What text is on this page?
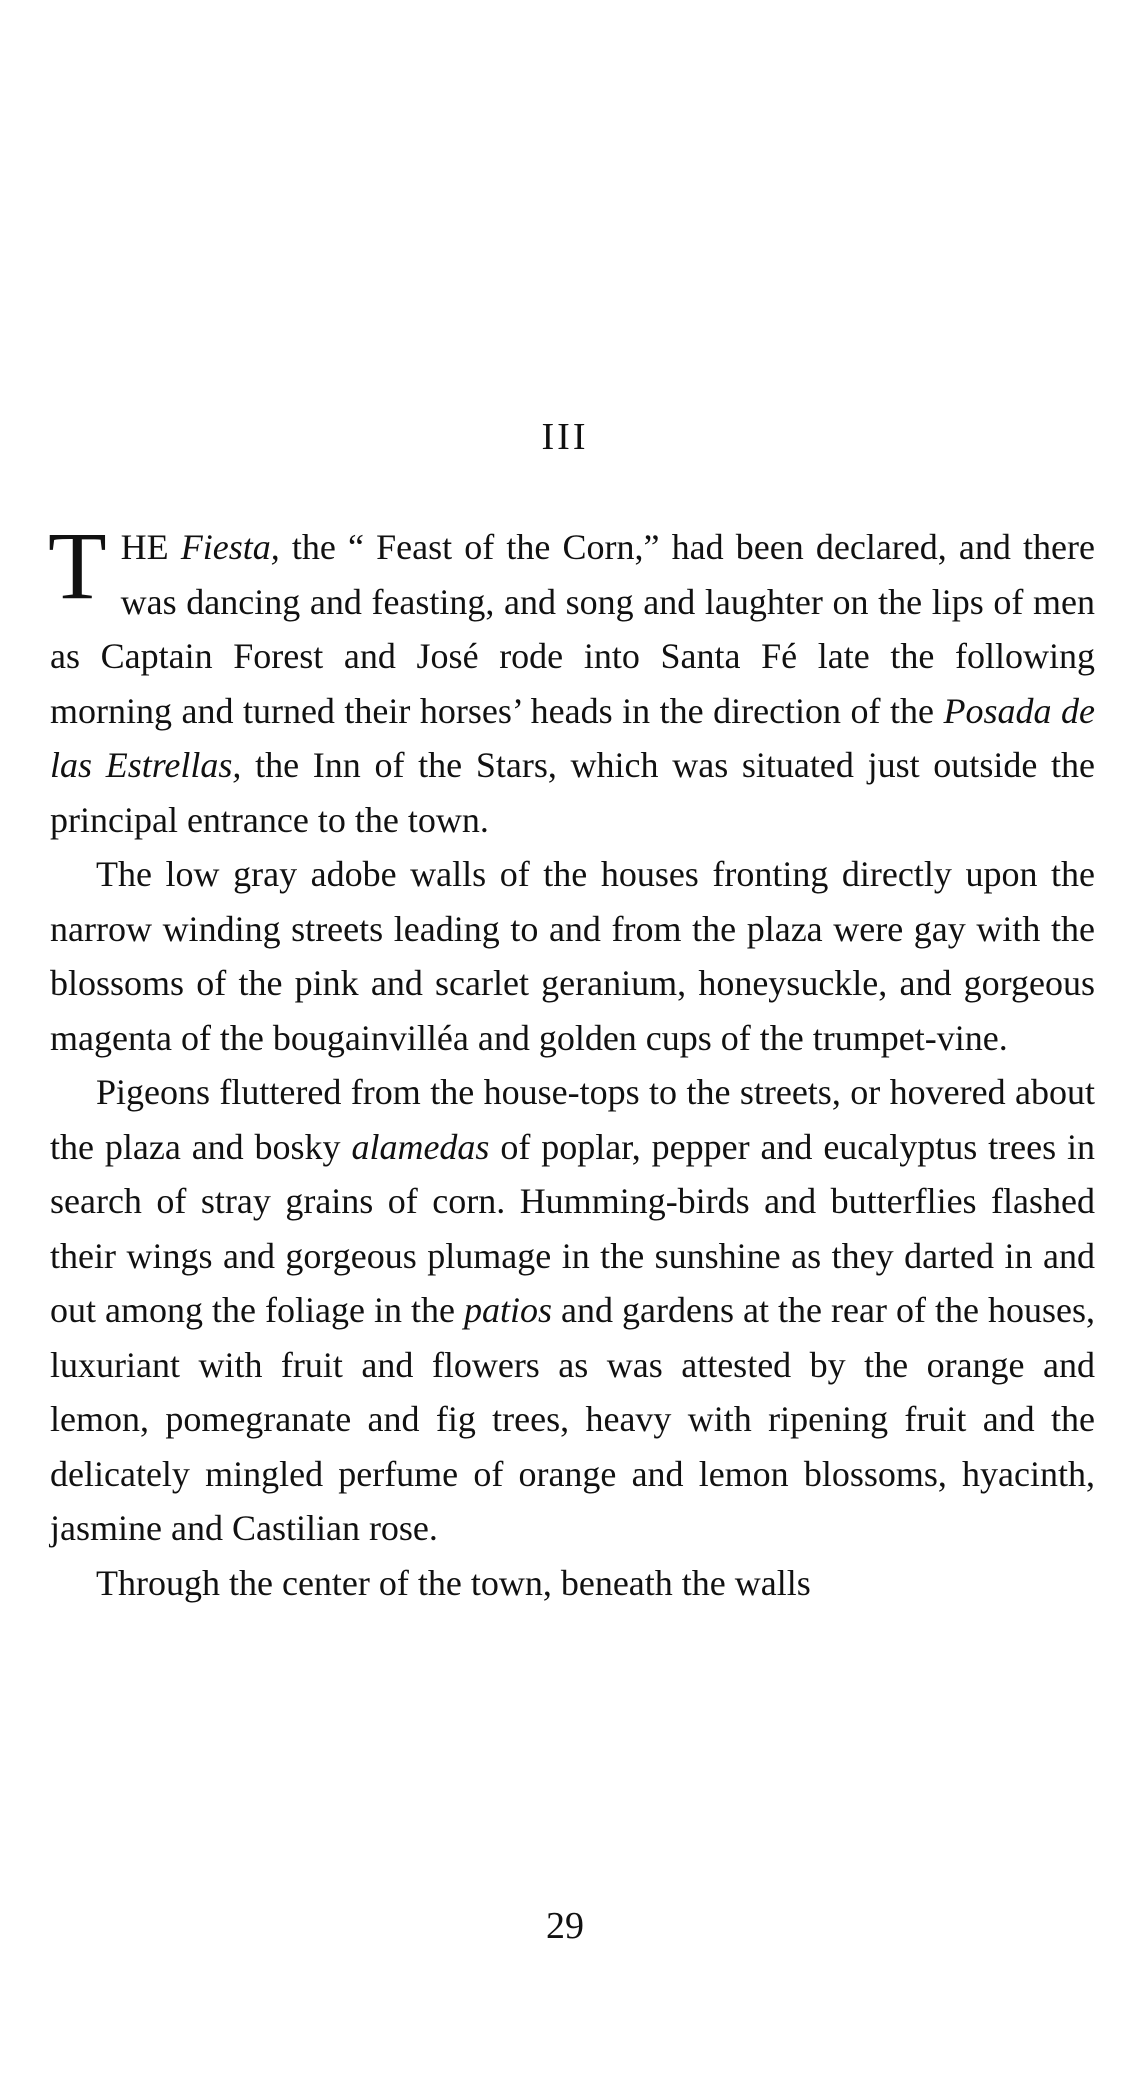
III

THE Fiesta, the “ Feast of the Corn,” had been declared, and there was dancing and feasting, and song and laughter on the lips of men as Captain Forest and José rode into Santa Fé late the following morning and turned their horses’ heads in the direction of the Posada de las Estrellas, the Inn of the Stars, which was situated just outside the principal entrance to the town.

The low gray adobe walls of the houses fronting directly upon the narrow winding streets leading to and from the plaza were gay with the blossoms of the pink and scarlet geranium, honeysuckle, and gorgeous magenta of the bougainvilléa and golden cups of the trumpet-vine.

Pigeons fluttered from the house-tops to the streets, or hovered about the plaza and bosky alamedas of poplar, pepper and eucalyptus trees in search of stray grains of corn. Humming-birds and butterflies flashed their wings and gorgeous plumage in the sunshine as they darted in and out among the foliage in the patios and gardens at the rear of the houses, luxuriant with fruit and flowers as was attested by the orange and lemon, pomegranate and fig trees, heavy with ripening fruit and the delicately mingled perfume of orange and lemon blossoms, hyacinth, jasmine and Castilian rose.

Through the center of the town, beneath the walls

29
